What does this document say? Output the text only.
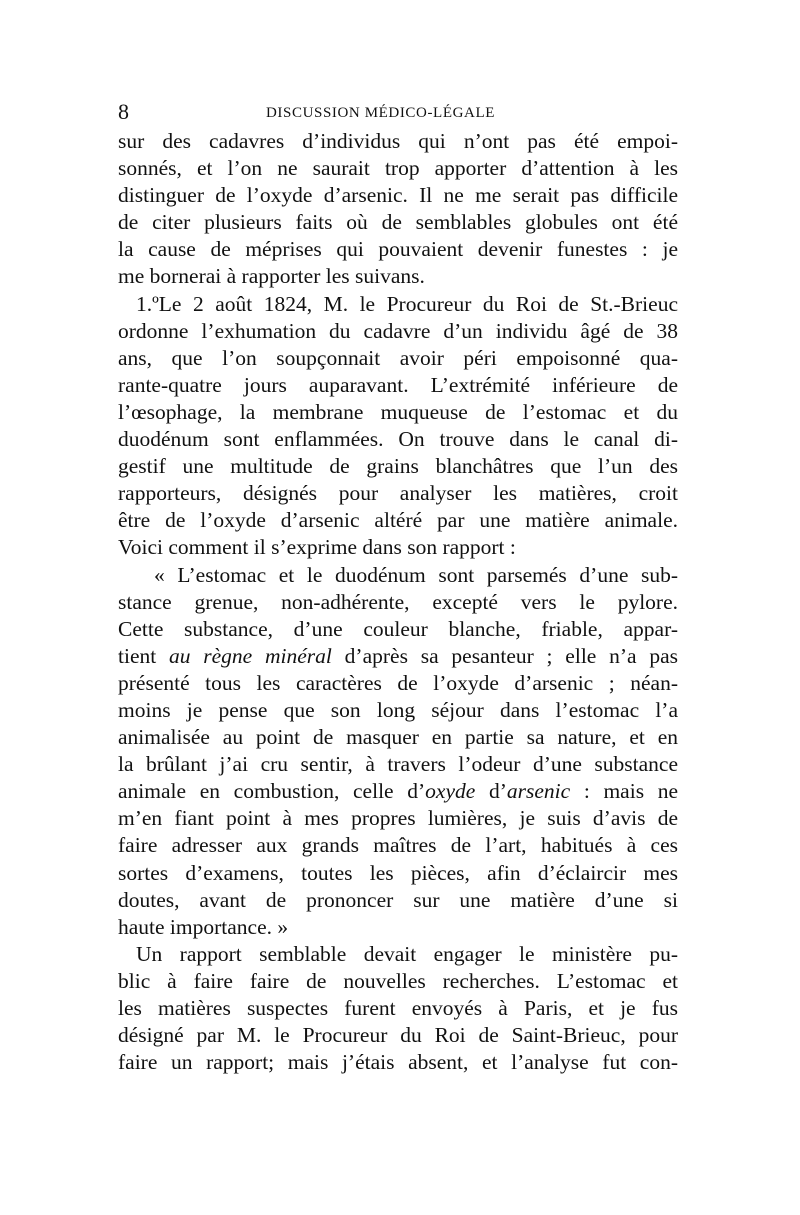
8	DISCUSSION MÉDICO-LÉGALE
sur des cadavres d’individus qui n’ont pas été empoi-
sonnés, et l’on ne saurait trop apporter d’attention à les
distinguer de l’oxyde d’arsenic. Il ne me serait pas difficile
de citer plusieurs faits où de semblables globules ont été
la cause de méprises qui pouvaient devenir funestes : je
me bornerai à rapporter les suivans.
1.ºLe 2 août 1824, M. le Procureur du Roi de St.-Brieuc
ordonne l’exhumation du cadavre d’un individu âgé de 38
ans, que l’on soupçonnait avoir péri empoisonné qua-
rante-quatre jours auparavant. L’extrémité inférieure de
l’œsophage, la membrane muqueuse de l’estomac et du
duodénum sont enflammées. On trouve dans le canal di-
gestif une multitude de grains blanchâtres que l’un des
rapporteurs, désignés pour analyser les matières, croit
être de l’oxyde d’arsenic altéré par une matière animale.
Voici comment il s’exprime dans son rapport :
« L’estomac et le duodénum sont parsemés d’une sub-
stance grenue, non-adhérente, excepté vers le pylore.
Cette substance, d’une couleur blanche, friable, appar-
tient au règne minéral d’après sa pesanteur ; elle n’a pas
présenté tous les caractères de l’oxyde d’arsenic ; néan-
moins je pense que son long séjour dans l’estomac l’a
animalisée au point de masquer en partie sa nature, et en
la brûlant j’ai cru sentir, à travers l’odeur d’une substance
animale en combustion, celle d’oxyde d’arsenic : mais ne
m’en fiant point à mes propres lumières, je suis d’avis de
faire adresser aux grands maîtres de l’art, habitués à ces
sortes d’examens, toutes les pièces, afin d’éclaircir mes
doutes, avant de prononcer sur une matière d’une si
haute importance. »
Un rapport semblable devait engager le ministère pu-
blic à faire faire de nouvelles recherches. L’estomac et
les matières suspectes furent envoyés à Paris, et je fus
désigné par M. le Procureur du Roi de Saint-Brieuc, pour
faire un rapport; mais j’étais absent, et l’analyse fut con-
